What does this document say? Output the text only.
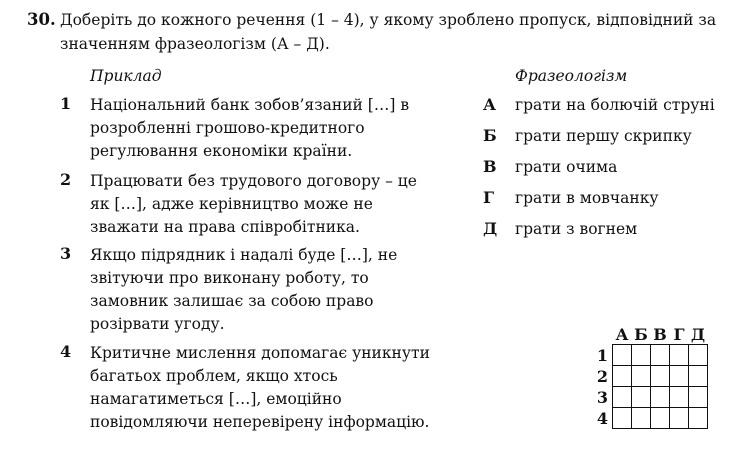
30. Доберіть до кожного речення (1 – 4), у якому зроблено пропуск, відповідний за
значенням фразеологізм (А – Д).
Приклад	Фразеологізм
1 Національний банк зобов’язаний […] в розробленні грошово-кредитного регулювання економіки країни.
2 Працювати без трудового договору – це як […], адже керівництво може не зважати на права співробітника.
3 Якщо підрядник і надалі буде […], не звітуючи про виконану роботу, то замовник залишає за собою право розірвати угоду.
4 Критичне мислення допомагає уникнути багатьох проблем, якщо хтось намагатиметься […], емоційно повідомляючи неперевірену інформацію.
А грати на болючій струні
Б грати першу скрипку
В грати очима
Г грати в мовчанку
Д грати з вогнем
	А	Б	В	Г	Д
1					
2					
3					
4					
